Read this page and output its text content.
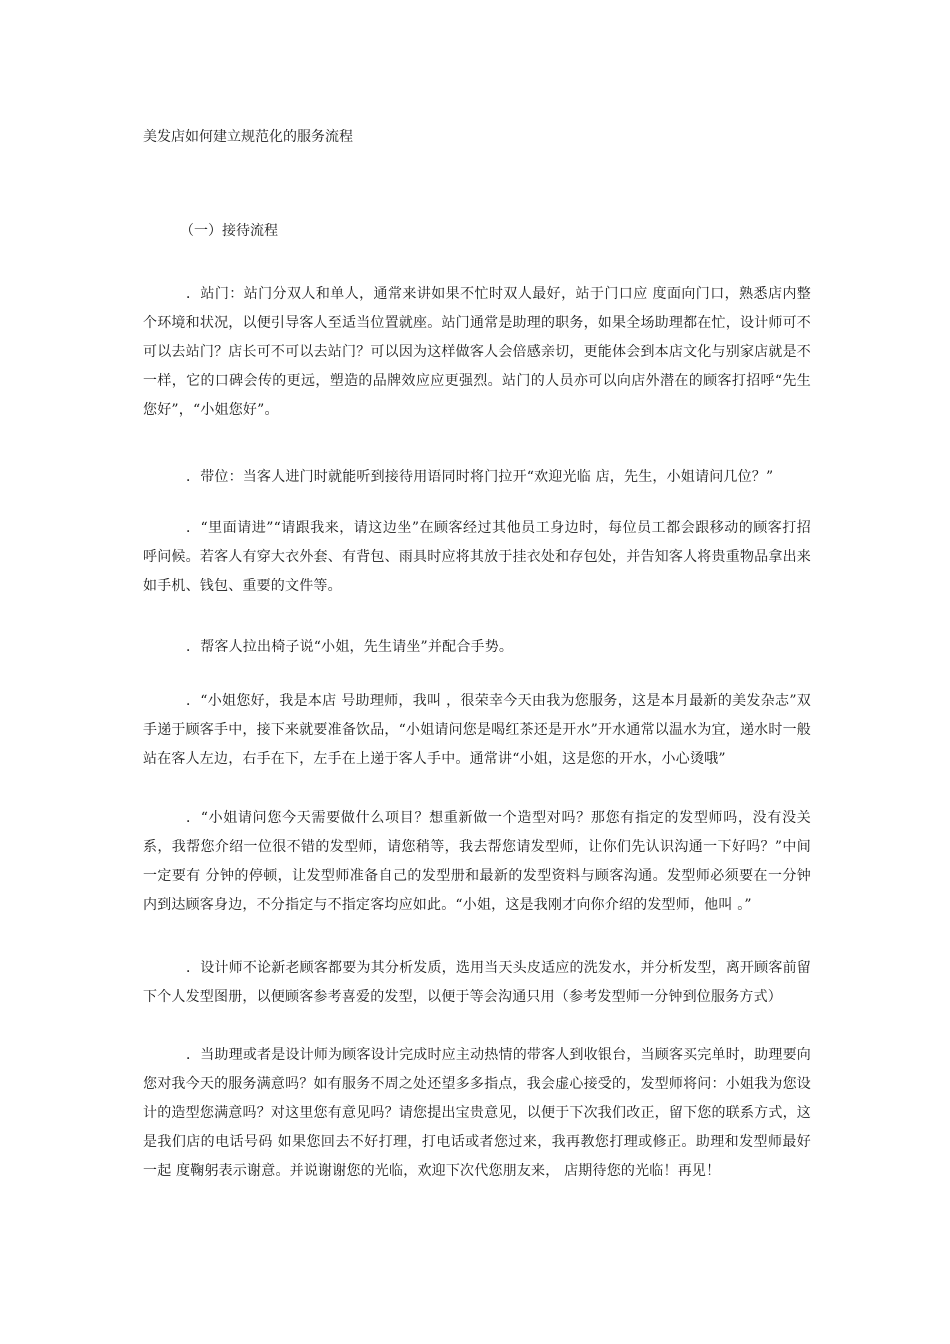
美发店如何建立规范化的服务流程
（一）接待流程

．站门：站门分双人和单人，通常来讲如果不忙时双人最好，站于门口应 度面向门口，熟悉店内整个环境和状况，以便引导客人至适当位置就座。站门通常是助理的职务，如果全场助理都在忙，设计师可不可以去站门？店长可不可以去站门？可以因为这样做客人会倍感亲切，更能体会到本店文化与别家店就是不一样，它的口碑会传的更远，塑造的品牌效应应更强烈。站门的人员亦可以向店外潜在的顾客打招呼“先生您好”，“小姐您好”。

．带位：当客人进门时就能听到接待用语同时将门拉开“欢迎光临 店，先生，小姐请问几位？”

．“里面请进”“请跟我来，请这边坐”在顾客经过其他员工身边时，每位员工都会跟移动的顾客打招呼问候。若客人有穿大衣外套、有背包、雨具时应将其放于挂衣处和存包处，并告知客人将贵重物品拿出来如手机、钱包、重要的文件等。

．帮客人拉出椅子说“小姐，先生请坐”并配合手势。

．“小姐您好，我是本店 号助理师，我叫 ，很荣幸今天由我为您服务，这是本月最新的美发杂志”双手递于顾客手中，接下来就要准备饮品，“小姐请问您是喝红茶还是开水”开水通常以温水为宜，递水时一般站在客人左边，右手在下，左手在上递于客人手中。通常讲“小姐，这是您的开水，小心烫哦”

．“小姐请问您今天需要做什么项目？想重新做一个造型对吗？那您有指定的发型师吗，没有没关系，我帮您介绍一位很不错的发型师，请您稍等，我去帮您请发型师，让你们先认识沟通一下好吗？”中间一定要有 分钟的停顿，让发型师准备自己的发型册和最新的发型资料与顾客沟通。发型师必须要在一分钟内到达顾客身边，不分指定与不指定客均应如此。“小姐，这是我刚才向你介绍的发型师，他叫 。”

．设计师不论新老顾客都要为其分析发质，选用当天头皮适应的洗发水，并分析发型，离开顾客前留下个人发型图册，以便顾客参考喜爱的发型，以便于等会沟通只用（参考发型师一分钟到位服务方式）

．当助理或者是设计师为顾客设计完成时应主动热情的带客人到收银台，当顾客买完单时，助理要向您对我今天的服务满意吗？如有服务不周之处还望多多指点，我会虚心接受的，发型师将问：小姐我为您设计的造型您满意吗？对这里您有意见吗？请您提出宝贵意见，以便于下次我们改正，留下您的联系方式，这是我们店的电话号码 如果您回去不好打理，打电话或者您过来，我再教您打理或修正。助理和发型师最好一起 度鞠躬表示谢意。并说谢谢您的光临，欢迎下次代您朋友来， 店期待您的光临！再见！
